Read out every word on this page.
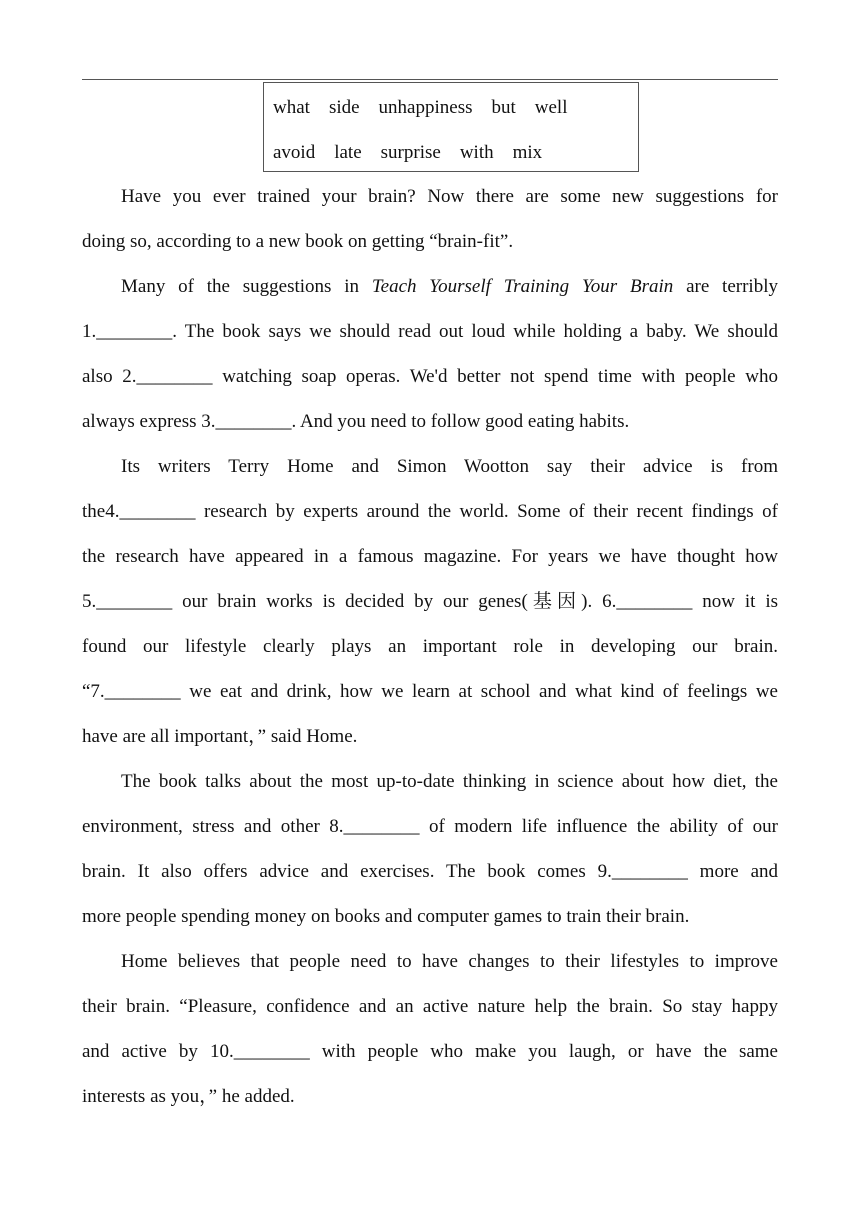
what side unhappiness but well
avoid late surprise with mix
Have you ever trained your brain? Now there are some new suggestions for
doing so, according to a new book on getting “brain-fit”.
Many of the suggestions in Teach Yourself Training Your Brain are terribly
1.________. The book says we should read out loud while holding a baby. We should
also 2.________ watching soap operas. We'd better not spend time with people who
always express 3.________. And you need to follow good eating habits.
Its writers Terry Home and Simon Wootton say their advice is from
the4.________ research by experts around the world. Some of their recent findings of
the research have appeared in a famous magazine. For years we have thought how
5.________ our brain works is decided by our genes(基因). 6.________ now it is
found our lifestyle clearly plays an important role in developing our brain.
“7.________ we eat and drink, how we learn at school and what kind of feelings we
have are all important，” said Home.
The book talks about the most up-to-date thinking in science about how diet, the
environment, stress and other 8.________ of modern life influence the ability of our
brain. It also offers advice and exercises. The book comes 9.________ more and
more people spending money on books and computer games to train their brain.
Home believes that people need to have changes to their lifestyles to improve
their brain. “Pleasure, confidence and an active nature help the brain. So stay happy
and active by 10.________ with people who make you laugh, or have the same
interests as you，” he added.
